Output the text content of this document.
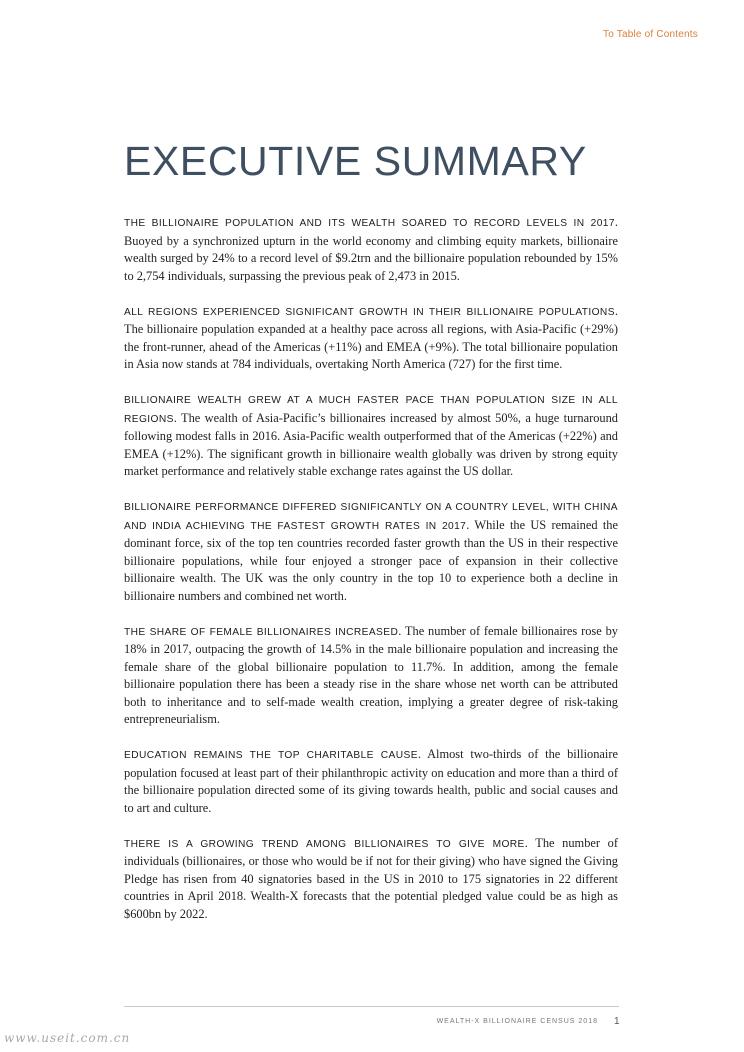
To Table of Contents
EXECUTIVE SUMMARY

THE BILLIONAIRE POPULATION AND ITS WEALTH SOARED TO RECORD LEVELS IN 2017. Buoyed by a synchronized upturn in the world economy and climbing equity markets, billionaire wealth surged by 24% to a record level of $9.2trn and the billionaire population rebounded by 15% to 2,754 individuals, surpassing the previous peak of 2,473 in 2015.

ALL REGIONS EXPERIENCED SIGNIFICANT GROWTH IN THEIR BILLIONAIRE POPULATIONS. The billionaire population expanded at a healthy pace across all regions, with Asia-Pacific (+29%) the front-runner, ahead of the Americas (+11%) and EMEA (+9%). The total billionaire population in Asia now stands at 784 individuals, overtaking North America (727) for the first time.

BILLIONAIRE WEALTH GREW AT A MUCH FASTER PACE THAN POPULATION SIZE IN ALL REGIONS. The wealth of Asia-Pacific’s billionaires increased by almost 50%, a huge turnaround following modest falls in 2016. Asia-Pacific wealth outperformed that of the Americas (+22%) and EMEA (+12%). The significant growth in billionaire wealth globally was driven by strong equity market performance and relatively stable exchange rates against the US dollar.

BILLIONAIRE PERFORMANCE DIFFERED SIGNIFICANTLY ON A COUNTRY LEVEL, WITH CHINA AND INDIA ACHIEVING THE FASTEST GROWTH RATES IN 2017. While the US remained the dominant force, six of the top ten countries recorded faster growth than the US in their respective billionaire populations, while four enjoyed a stronger pace of expansion in their collective billionaire wealth. The UK was the only country in the top 10 to experience both a decline in billionaire numbers and combined net worth.

THE SHARE OF FEMALE BILLIONAIRES INCREASED. The number of female billionaires rose by 18% in 2017, outpacing the growth of 14.5% in the male billionaire population and increasing the female share of the global billionaire population to 11.7%. In addition, among the female billionaire population there has been a steady rise in the share whose net worth can be attributed both to inheritance and to self-made wealth creation, implying a greater degree of risk-taking entrepreneurialism.

EDUCATION REMAINS THE TOP CHARITABLE CAUSE. Almost two-thirds of the billionaire population focused at least part of their philanthropic activity on education and more than a third of the billionaire population directed some of its giving towards health, public and social causes and to art and culture.

THERE IS A GROWING TREND AMONG BILLIONAIRES TO GIVE MORE. The number of individuals (billionaires, or those who would be if not for their giving) who have signed the Giving Pledge has risen from 40 signatories based in the US in 2010 to 175 signatories in 22 different countries in April 2018. Wealth-X forecasts that the potential pledged value could be as high as $600bn by 2022.

WEALTH-X BILLIONAIRE CENSUS 2018 1
www.useit.com.cn
